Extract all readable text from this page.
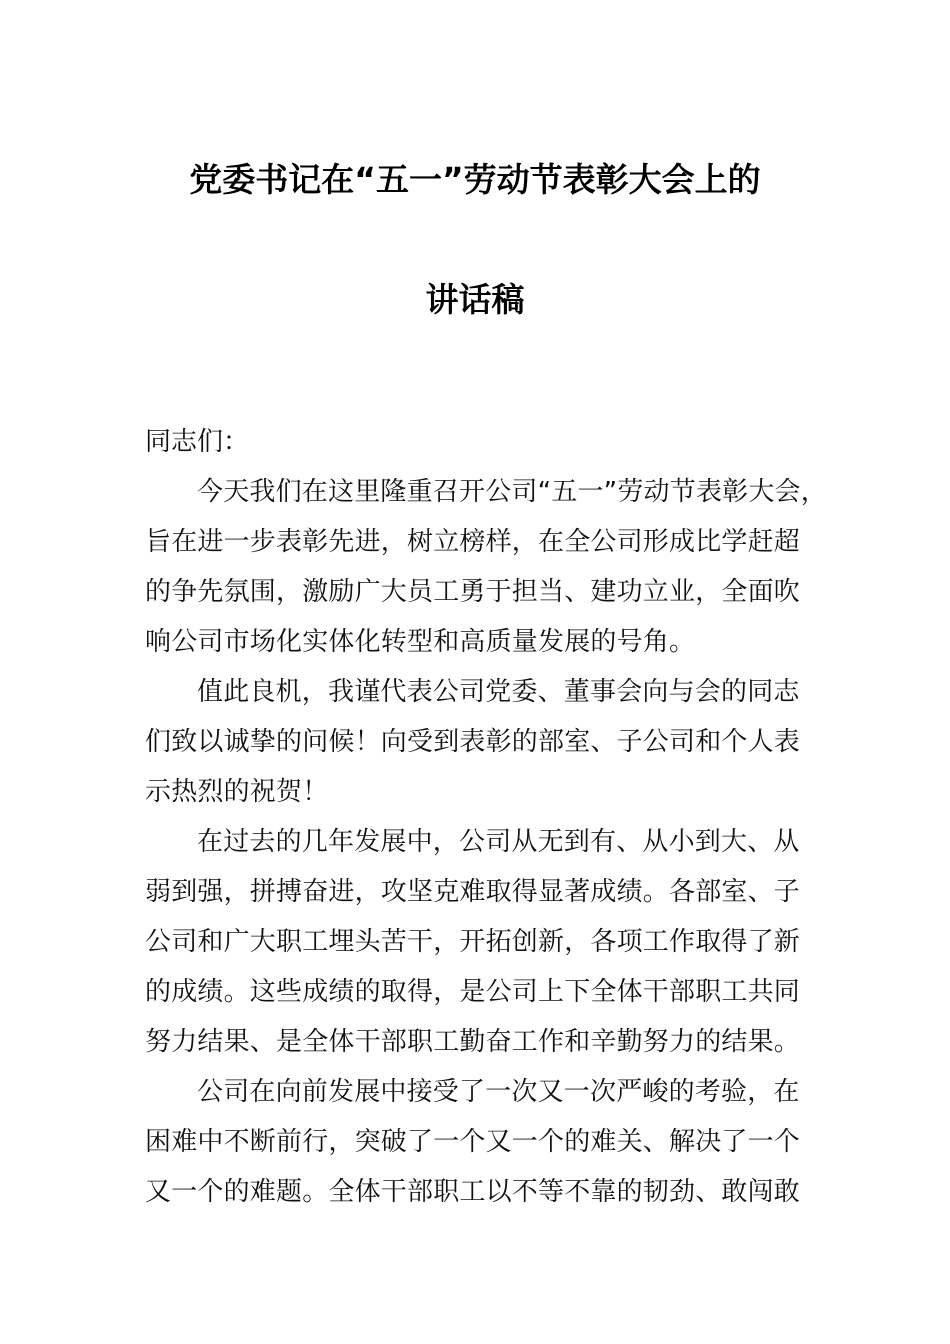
党委书记在“五一”劳动节表彰大会上的
讲话稿
同志们：
今天我们在这里隆重召开公司“五一”劳动节表彰大会，
旨在进一步表彰先进，树立榜样，在全公司形成比学赶超
的争先氛围，激励广大员工勇于担当、建功立业，全面吹
响公司市场化实体化转型和高质量发展的号角。
值此良机，我谨代表公司党委、董事会向与会的同志
们致以诚挚的问候！向受到表彰的部室、子公司和个人表
示热烈的祝贺！
在过去的几年发展中，公司从无到有、从小到大、从
弱到强，拼搏奋进，攻坚克难取得显著成绩。各部室、子
公司和广大职工埋头苦干，开拓创新，各项工作取得了新
的成绩。这些成绩的取得，是公司上下全体干部职工共同
努力结果、是全体干部职工勤奋工作和辛勤努力的结果。
公司在向前发展中接受了一次又一次严峻的考验，在
困难中不断前行，突破了一个又一个的难关、解决了一个
又一个的难题。全体干部职工以不等不靠的韧劲、敢闯敢
